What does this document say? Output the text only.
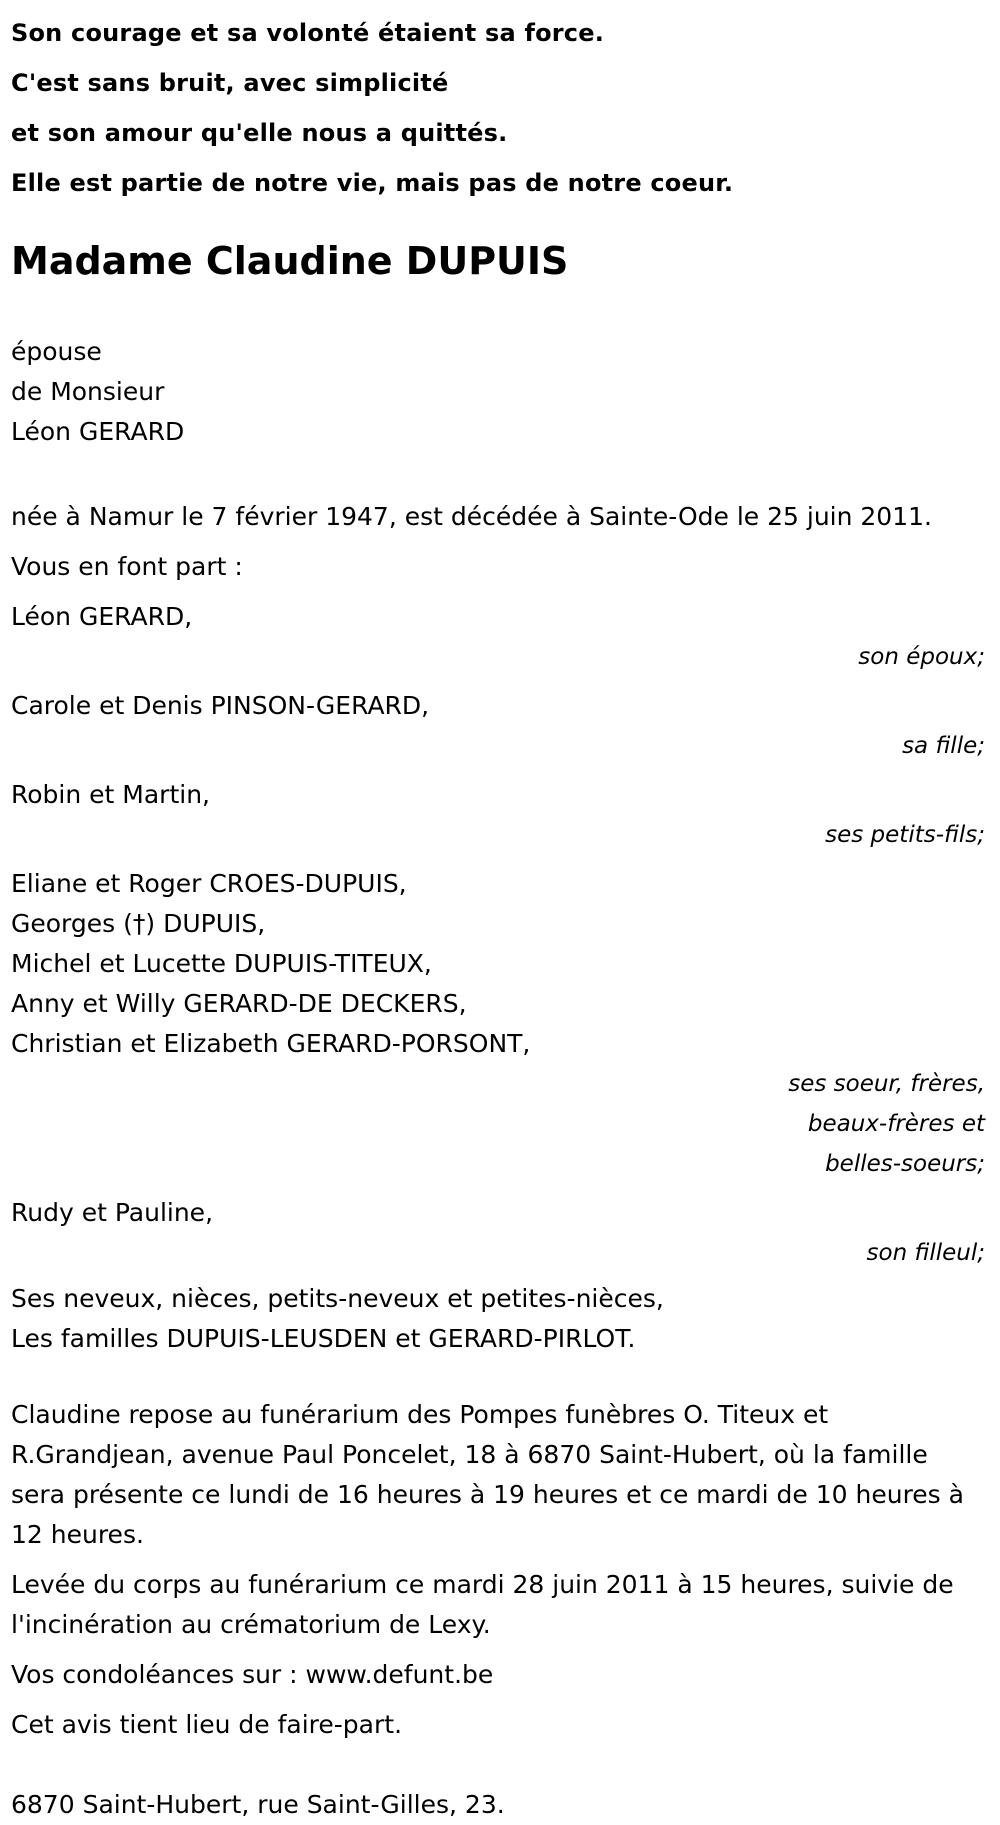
Son courage et sa volonté étaient sa force.
C'est sans bruit, avec simplicité
et son amour qu'elle nous a quittés.
Elle est partie de notre vie, mais pas de notre coeur.
Madame Claudine DUPUIS
épouse
de Monsieur
Léon GERARD
née à Namur le 7 février 1947, est décédée à Sainte-Ode le 25 juin 2011.
Vous en font part :
Léon GERARD,
son époux;
Carole et Denis PINSON-GERARD,
sa fille;
Robin et Martin,
ses petits-fils;
Eliane et Roger CROES-DUPUIS,
Georges (†) DUPUIS,
Michel et Lucette DUPUIS-TITEUX,
Anny et Willy GERARD-DE DECKERS,
Christian et Elizabeth GERARD-PORSONT,
ses soeur, frères,
beaux-frères et
belles-soeurs;
Rudy et Pauline,
son filleul;
Ses neveux, nièces, petits-neveux et petites-nièces,
Les familles DUPUIS-LEUSDEN et GERARD-PIRLOT.
Claudine repose au funérarium des Pompes funèbres O. Titeux et R.Grandjean, avenue Paul Poncelet, 18 à 6870 Saint-Hubert, où la famille sera présente ce lundi de 16 heures à 19 heures et ce mardi de 10 heures à 12 heures.
Levée du corps au funérarium ce mardi 28 juin 2011 à 15 heures, suivie de l'incinération au crématorium de Lexy.
Vos condoléances sur : www.defunt.be
Cet avis tient lieu de faire-part.
6870 Saint-Hubert, rue Saint-Gilles, 23.
